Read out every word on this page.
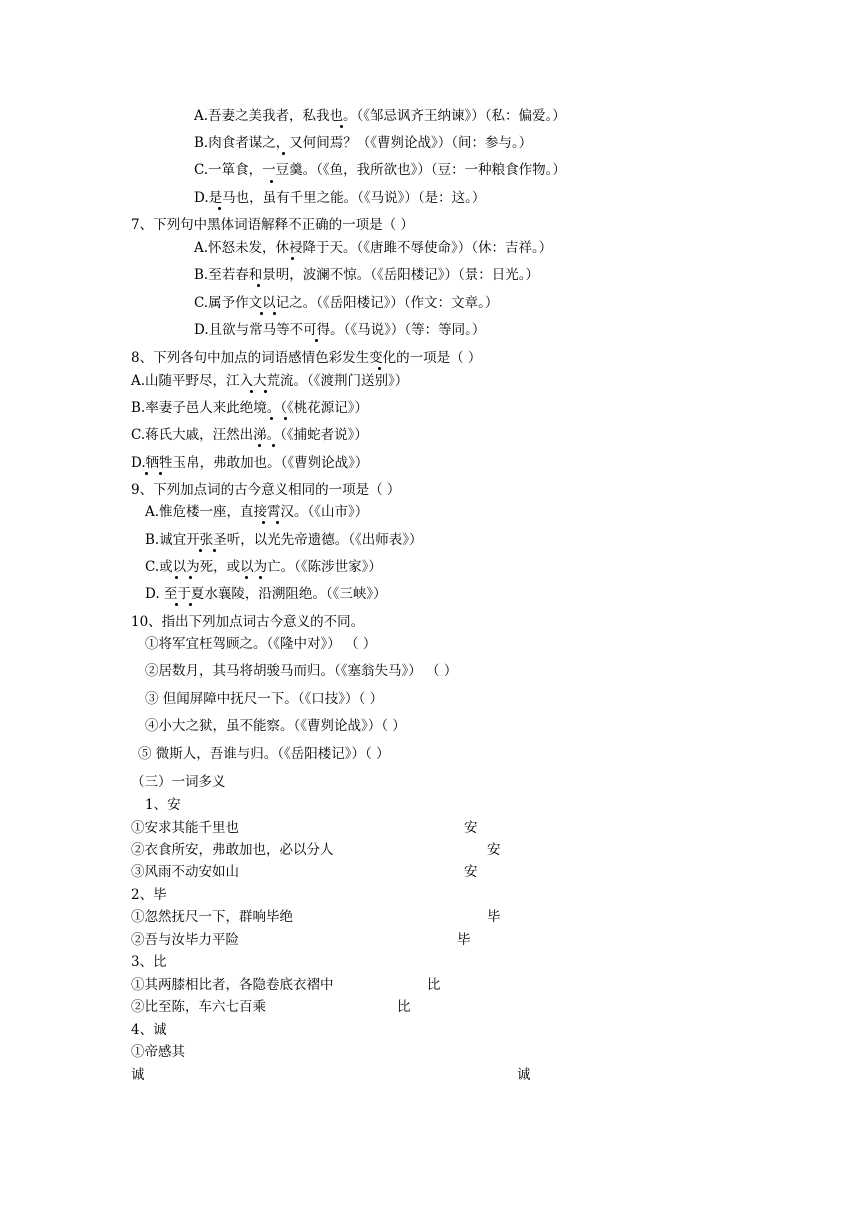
A.吾妻之美我者，私我也。（《邹忌讽齐王纳谏》）（私：偏爱。）
B.肉食者谋之，又何间焉？（《曹刿论战》）（间：参与。）
C.一箪食，一豆羹。（《鱼，我所欲也》）（豆：一种粮食作物。）
D.是马也，虽有千里之能。（《马说》）（是：这。）
7、下列句中黑体词语解释不正确的一项是（ ）
A.怀怒未发，休祲降于天。（《唐雎不辱使命》）（休：吉祥。）
B.至若春和景明，波澜不惊。（《岳阳楼记》）（景：日光。）
C.属予作文以记之。（《岳阳楼记》）（作文：文章。）
D.且欲与常马等不可得。（《马说》）（等：等同。）
8、下列各句中加点的词语感情色彩发生变化的一项是（ ）
A.山随平野尽，江入大荒流。（《渡荆门送别》）
B.率妻子邑人来此绝境。（《桃花源记》）
C.蒋氏大戚，汪然出涕。（《捕蛇者说》）
D.牺牲玉帛，弗敢加也。（《曹刿论战》）
9、下列加点词的古今意义相同的一项是（ ）
A.惟危楼一座，直接霄汉。（《山市》）
B.诚宜开张圣听，以光先帝遗德。（《出师表》）
C.或以为死，或以为亡。（《陈涉世家》）
D. 至于夏水襄陵，沿溯阻绝。（《三峡》）
10、指出下列加点词古今意义的不同。
①将军宜枉驾顾之。（《隆中对》） （ ）
②居数月，其马将胡骏马而归。（《塞翁失马》） （ ）
③ 但闻屏障中抚尺一下。（《口技》）（ ）
④小大之狱，虽不能察。（《曹刿论战》）（ ）
⑤ 微斯人，吾谁与归。（《岳阳楼记》）（ ）
（三）一词多义
1、安
①安求其能千里也	安
②衣食所安，弗敢加也，必以分人	安
③风雨不动安如山	安
2、毕
①忽然抚尺一下，群响毕绝	毕
②吾与汝毕力平险	毕
3、比
①其两膝相比者，各隐卷底衣褶中	比
②比至陈，车六七百乘	比
4、诚
①帝感其
诚	诚
